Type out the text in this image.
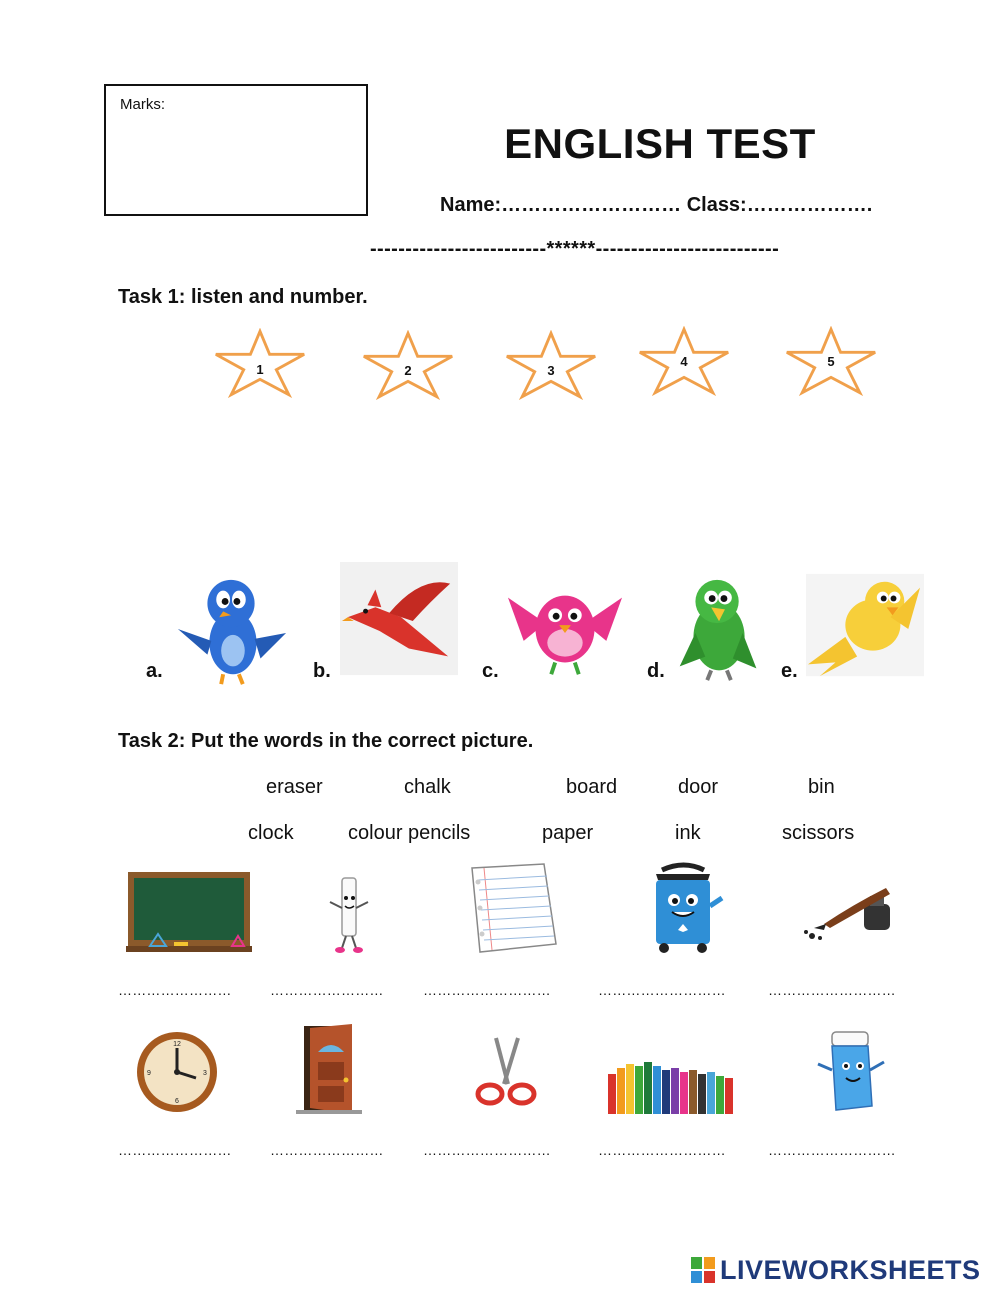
Marks:
ENGLISH TEST
Name:……………………… Class:……………….
-------------------------******--------------------------
Task 1: listen and number.
1	2	3
4	5
a.	b.	c.	d.	e.
Task 2: Put the words in the correct picture.
eraser	chalk	board	door	bin
clock	colour pencils	paper	ink	scissors
……………………	……………………	………………………	………………………	………………………
12
3
6
9
……………………	……………………	………………………	………………………	………………………
LIVEWORKSHEETS
